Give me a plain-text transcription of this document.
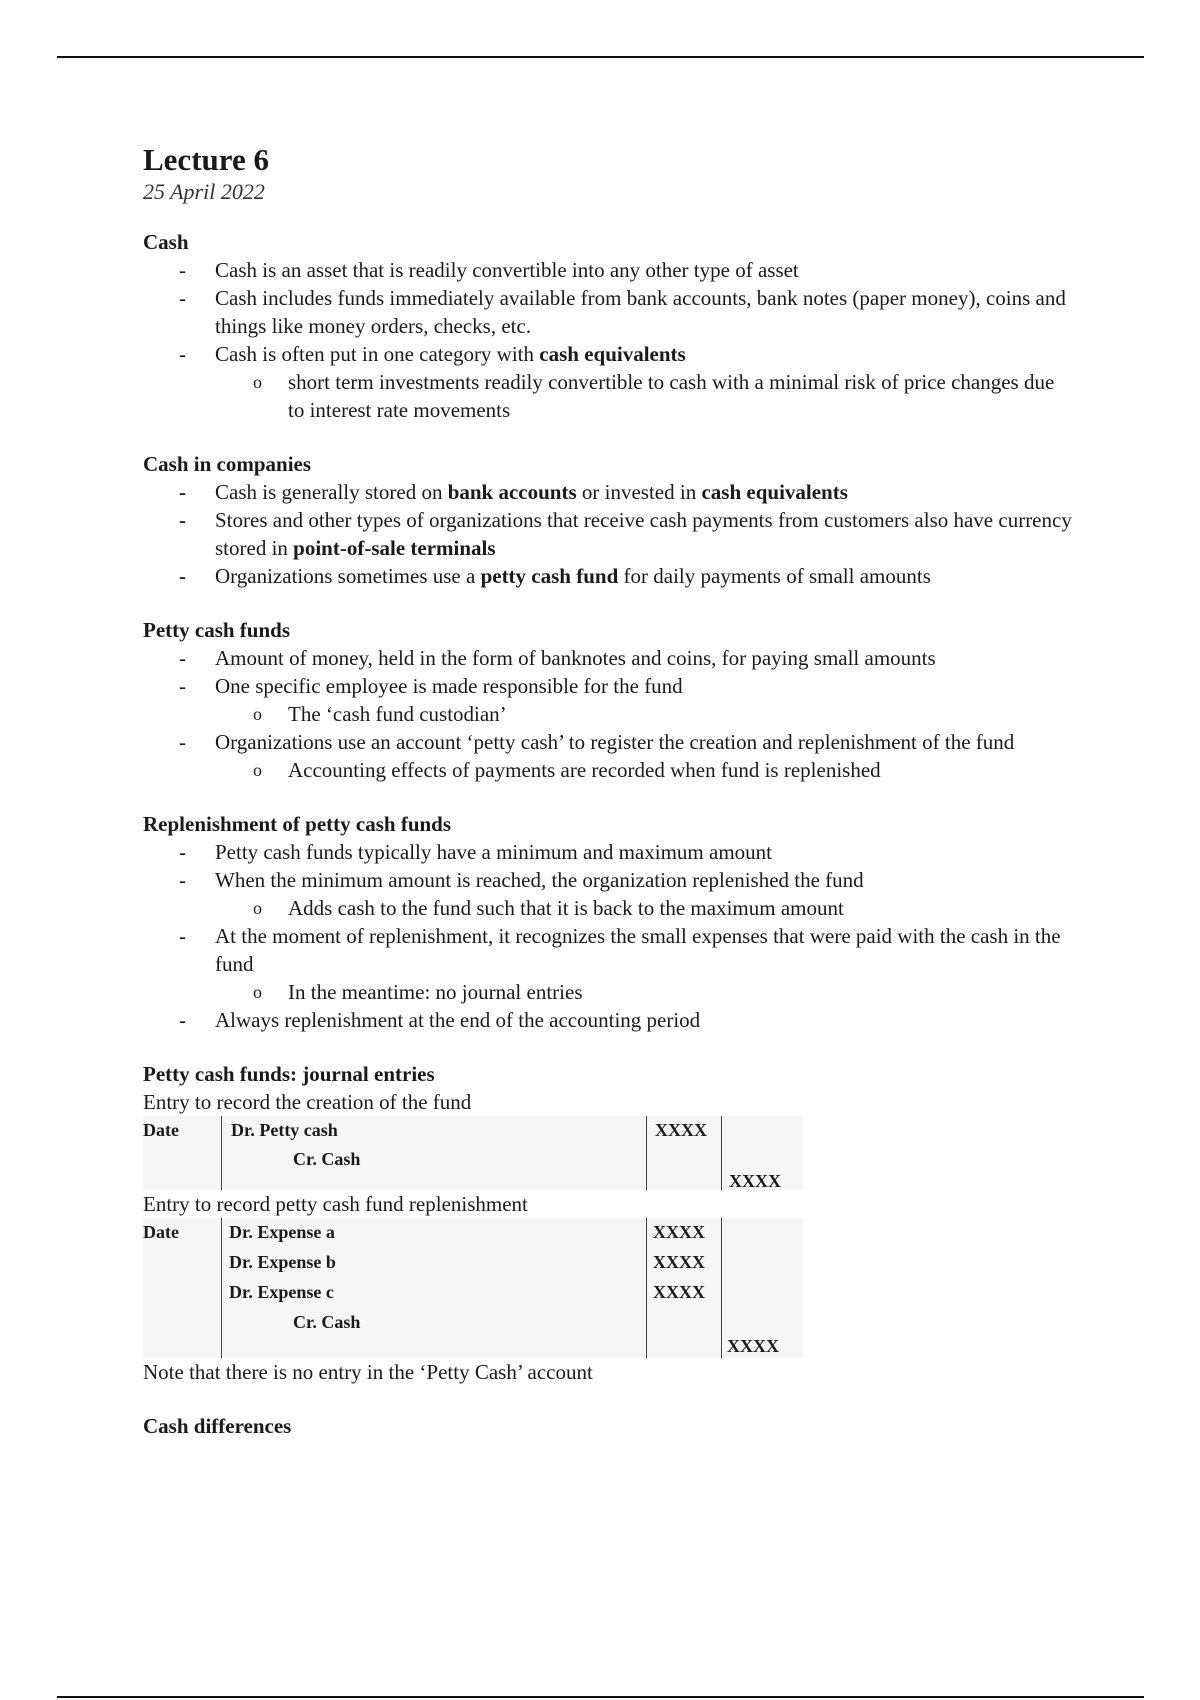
Lecture 6
25 April 2022
Cash
- Cash is an asset that is readily convertible into any other type of asset
- Cash includes funds immediately available from bank accounts, bank notes (paper money), coins and things like money orders, checks, etc.
- Cash is often put in one category with cash equivalents
o short term investments readily convertible to cash with a minimal risk of price changes due to interest rate movements
Cash in companies
- Cash is generally stored on bank accounts or invested in cash equivalents
- Stores and other types of organizations that receive cash payments from customers also have currency stored in point-of-sale terminals
- Organizations sometimes use a petty cash fund for daily payments of small amounts
Petty cash funds
- Amount of money, held in the form of banknotes and coins, for paying small amounts
- One specific employee is made responsible for the fund
o The ‘cash fund custodian’
- Organizations use an account ‘petty cash’ to register the creation and replenishment of the fund
o Accounting effects of payments are recorded when fund is replenished
Replenishment of petty cash funds
- Petty cash funds typically have a minimum and maximum amount
- When the minimum amount is reached, the organization replenished the fund
o Adds cash to the fund such that it is back to the maximum amount
- At the moment of replenishment, it recognizes the small expenses that were paid with the cash in the fund
o In the meantime: no journal entries
- Always replenishment at the end of the accounting period
Petty cash funds: journal entries
Entry to record the creation of the fund
Date	Dr. Petty cash
Cr. Cash
XXXX
XXXX
Entry to record petty cash fund replenishment
Date	Dr. Expense a
Dr. Expense b
Dr. Expense c
Cr. Cash
XXXX
XXXX
XXXX
XXXX
Note that there is no entry in the ‘Petty Cash’ account
Cash differences
